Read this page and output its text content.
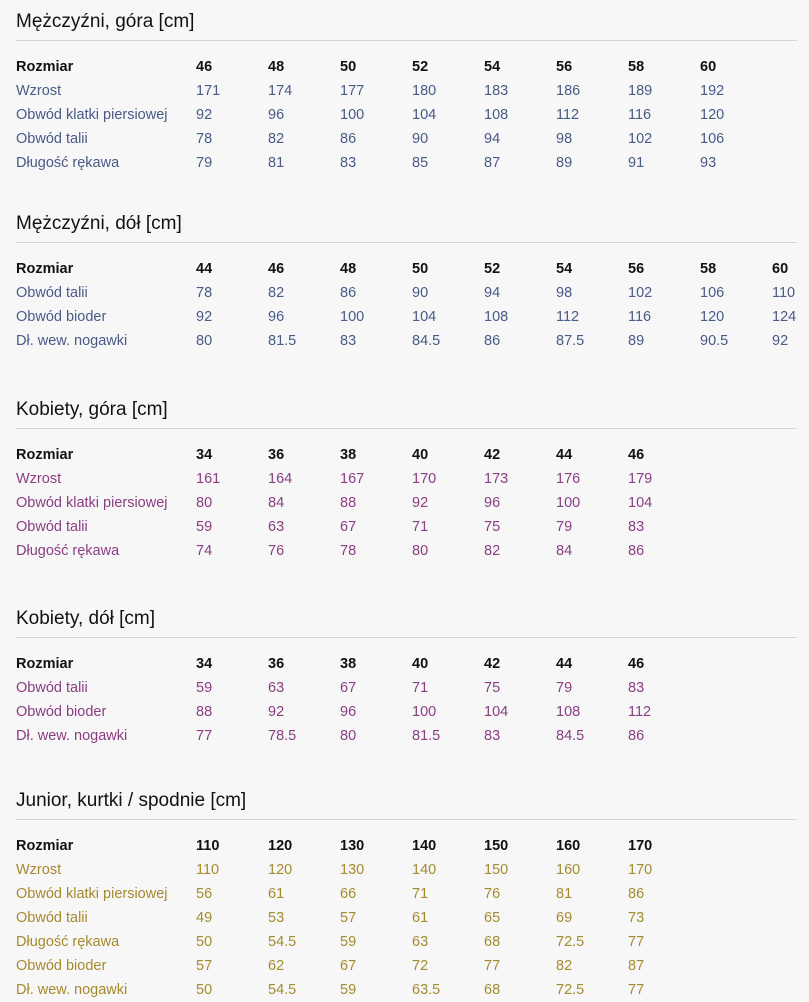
Mężczyźni, góra [cm]
Rozmiar	46	48	50	52	54	56	58	60
Wzrost	171	174	177	180	183	186	189	192
Obwód klatki piersiowej 92	96	100	104	108	112	116	120
Obwód talii	78	82	86	90	94	98	102	106
Długość rękawa	79	81	83	85	87	89	91	93
Mężczyźni, dół [cm]
Rozmiar	44	46	48	50	52	54	56	58	60
Obwód talii	78	82	86	90	94	98	102	106	110
Obwód bioder	92	96	100	104	108	112	116	120	124
Dł. wew. nogawki	80	81.5	83	84.5	86	87.5	89	90.5	92
Kobiety, góra [cm]
Rozmiar	34	36	38	40	42	44	46
Wzrost	161	164	167	170	173	176	179
Obwód klatki piersiowej 80	84	88	92	96	100	104
Obwód talii	59	63	67	71	75	79	83
Długość rękawa	74	76	78	80	82	84	86
Kobiety, dół [cm]
Rozmiar	34	36	38	40	42	44	46
Obwód talii	59	63	67	71	75	79	83
Obwód bioder	88	92	96	100	104	108	112
Dł. wew. nogawki	77	78.5	80	81.5	83	84.5	86
Junior, kurtki / spodnie [cm]
Rozmiar	110	120	130	140	150	160	170
Wzrost	110	120	130	140	150	160	170
Obwód klatki piersiowej 56	61	66	71	76	81	86
Obwód talii	49	53	57	61	65	69	73
Długość rękawa	50	54.5	59	63	68	72.5	77
Obwód bioder	57	62	67	72	77	82	87
Dł. wew. nogawki	50	54.5	59	63.5	68	72.5	77
